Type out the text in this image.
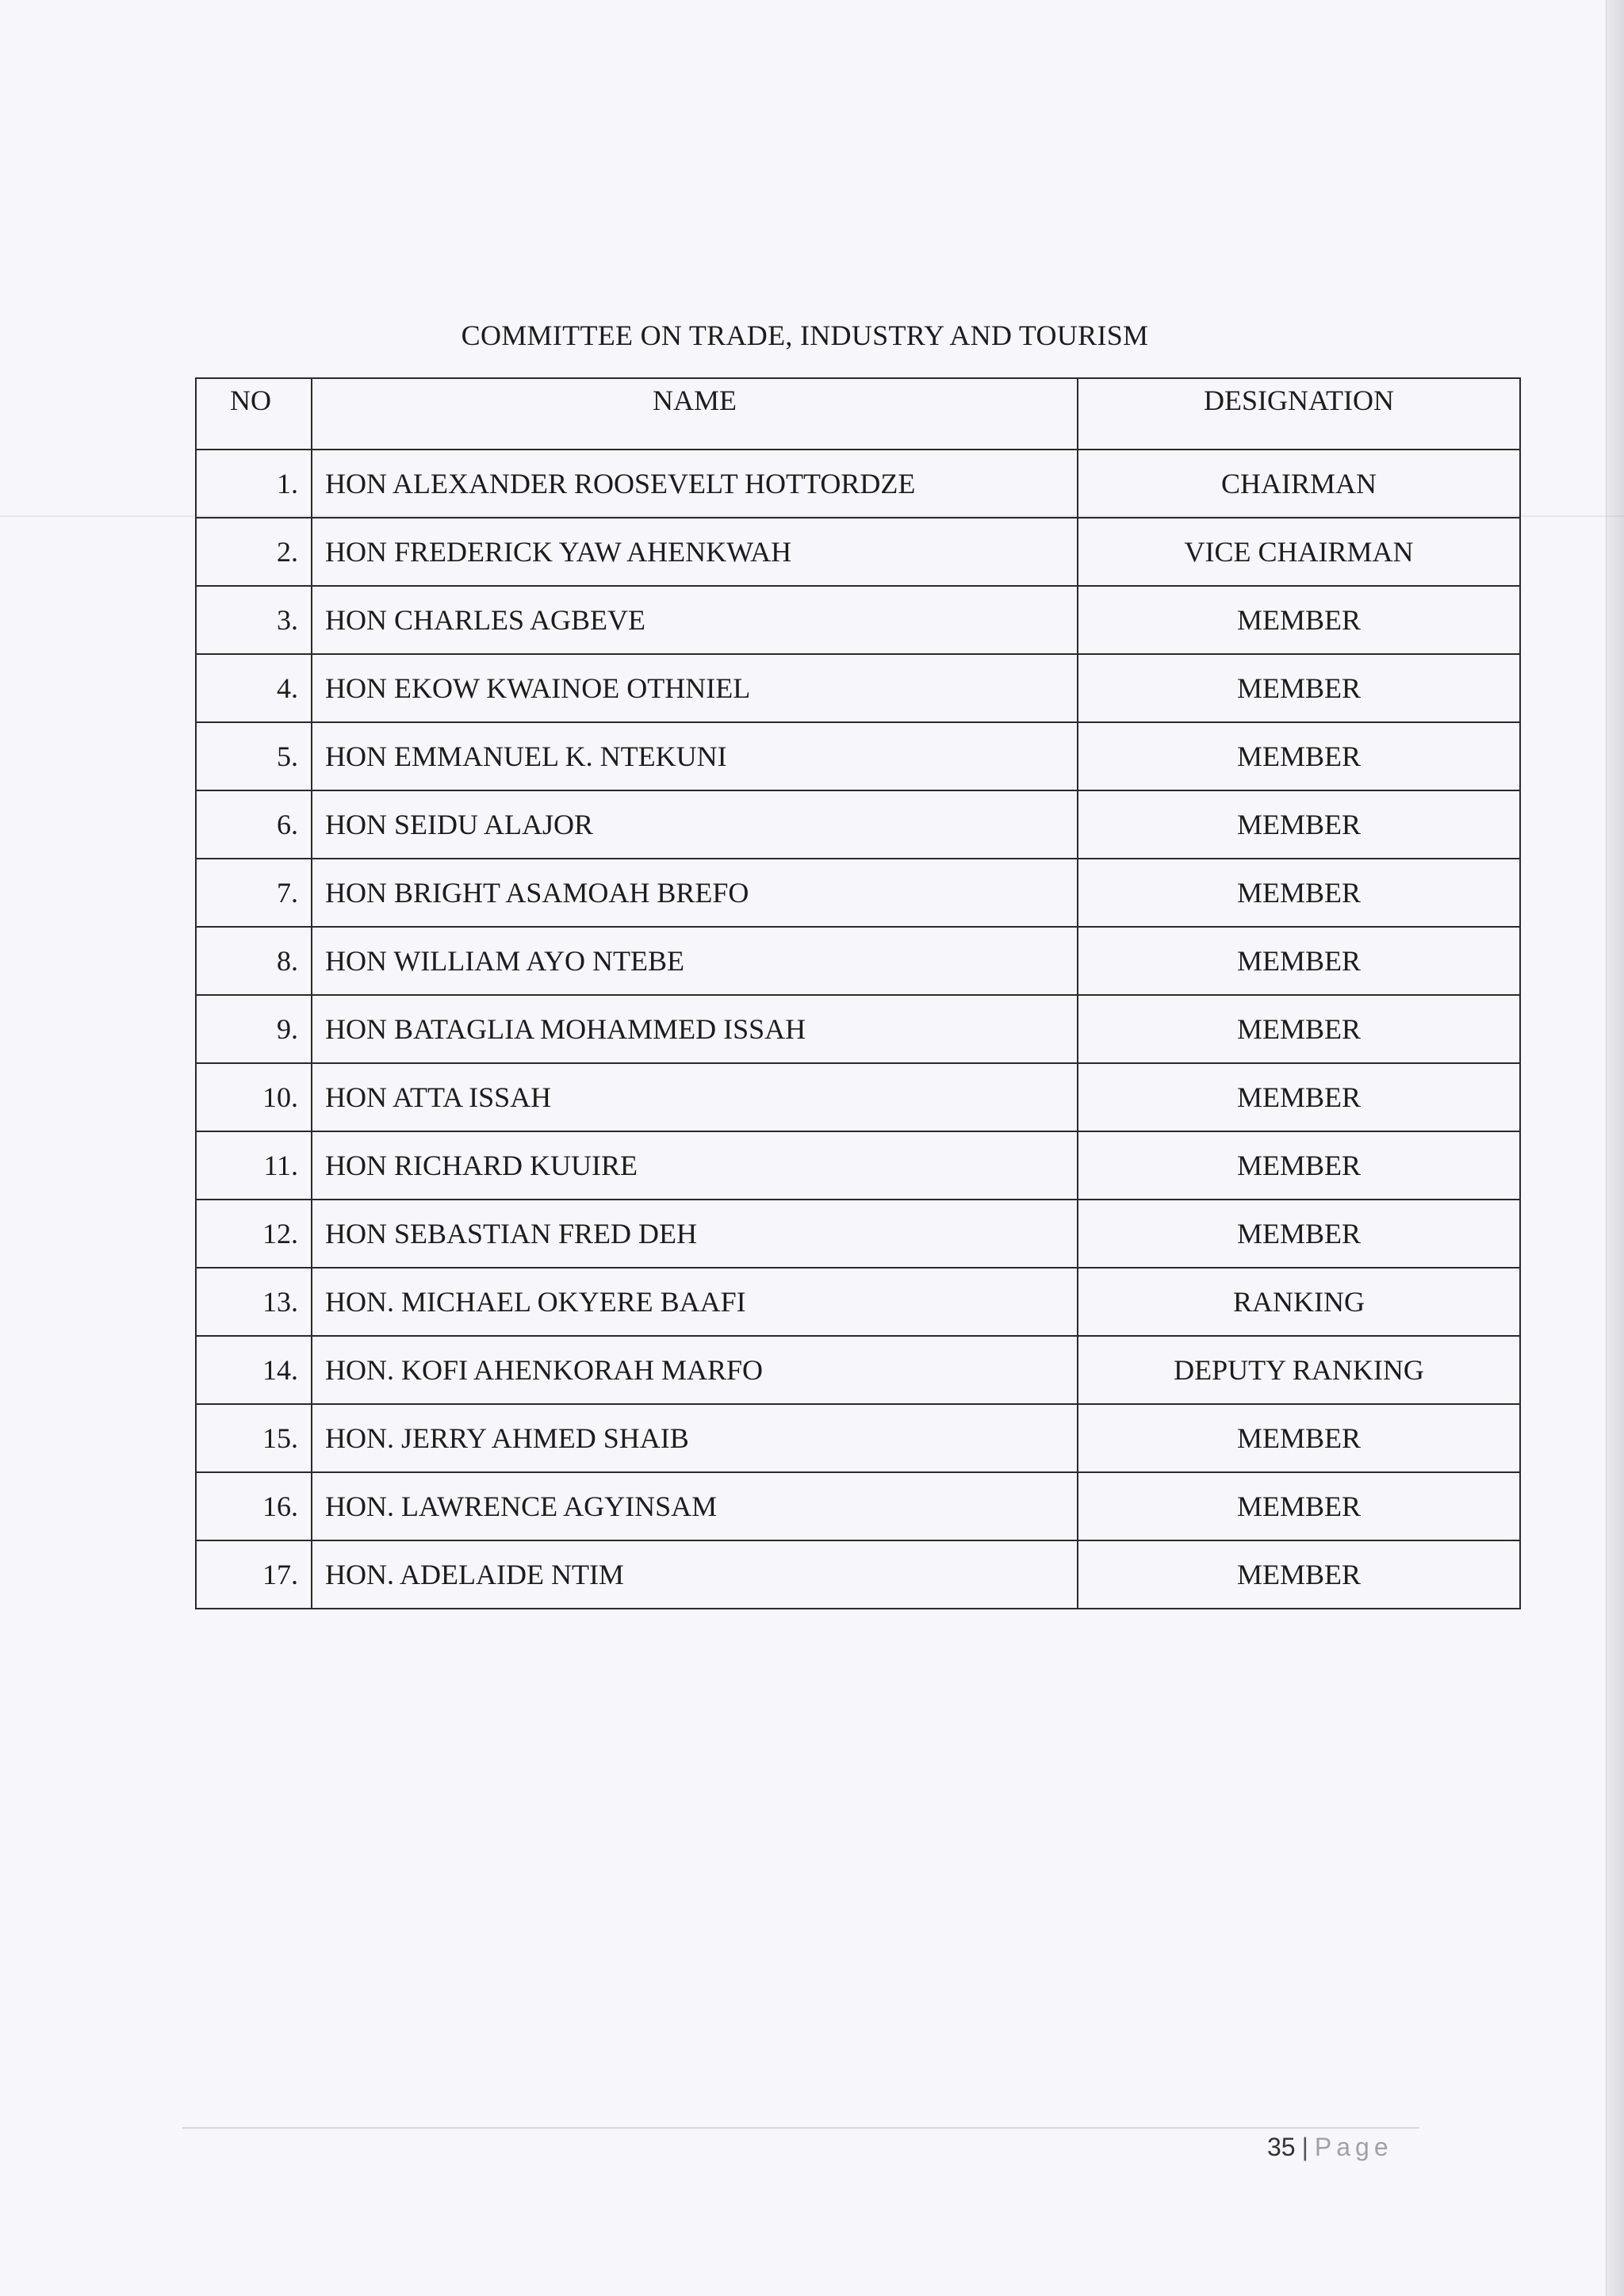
COMMITTEE ON TRADE, INDUSTRY AND TOURISM
NO	NAME	DESIGNATION
1.	HON ALEXANDER ROOSEVELT HOTTORDZE	CHAIRMAN
2.	HON FREDERICK YAW AHENKWAH	VICE CHAIRMAN
3.	HON CHARLES AGBEVE	MEMBER
4.	HON EKOW KWAINOE OTHNIEL	MEMBER
5.	HON EMMANUEL K. NTEKUNI	MEMBER
6.	HON SEIDU ALAJOR	MEMBER
7.	HON BRIGHT ASAMOAH BREFO	MEMBER
8.	HON WILLIAM AYO NTEBE	MEMBER
9.	HON BATAGLIA MOHAMMED ISSAH	MEMBER
10.	HON ATTA ISSAH	MEMBER
11.	HON RICHARD KUUIRE	MEMBER
12.	HON SEBASTIAN FRED DEH	MEMBER
13.	HON. MICHAEL OKYERE BAAFI	RANKING
14.	HON. KOFI AHENKORAH MARFO	DEPUTY RANKING
15.	HON. JERRY AHMED SHAIB	MEMBER
16.	HON. LAWRENCE AGYINSAM	MEMBER
17.	HON. ADELAIDE NTIM	MEMBER
35 | Page
